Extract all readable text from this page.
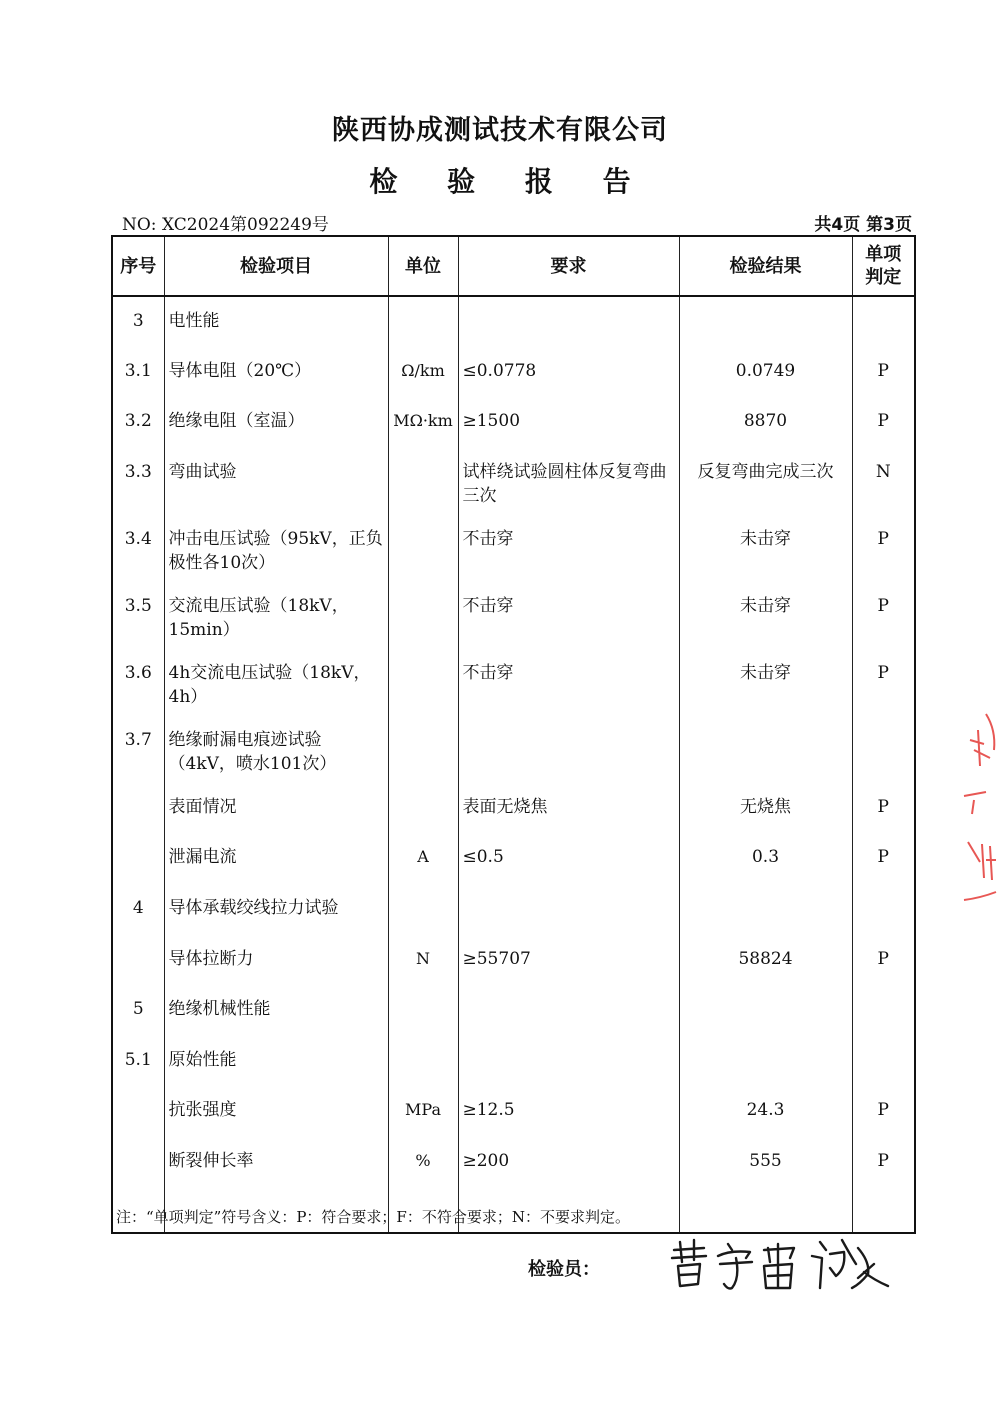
陕西协成测试技术有限公司
检 验 报 告
NO: XC2024第092249号	共4页 第3页
序号	检验项目	单位	要求	检验结果	单项判定
3	电性能				
3.1	导体电阻（20℃）	Ω/km	≤0.0778	0.0749	P
3.2	绝缘电阻（室温）	MΩ·km	≥1500	8870	P
3.3	弯曲试验		试样绕试验圆柱体反复弯曲三次	反复弯曲完成三次	N
3.4	冲击电压试验（95kV，正负极性各10次）		不击穿	未击穿	P
3.5	交流电压试验（18kV，15min）		不击穿	未击穿	P
3.6	4h交流电压试验（18kV，4h）		不击穿	未击穿	P
3.7	绝缘耐漏电痕迹试验（4kV，喷水101次）				
	表面情况		表面无烧焦	无烧焦	P
	泄漏电流	A	≤0.5	0.3	P
4	导体承载绞线拉力试验				
	导体拉断力	N	≥55707	58824	P
5	绝缘机械性能				
5.1	原始性能				
	抗张强度	MPa	≥12.5	24.3	P
	断裂伸长率	%	≥200	555	P

注：“单项判定”符号含义：P：符合要求；F：不符合要求；N：不要求判定。
检验员：
